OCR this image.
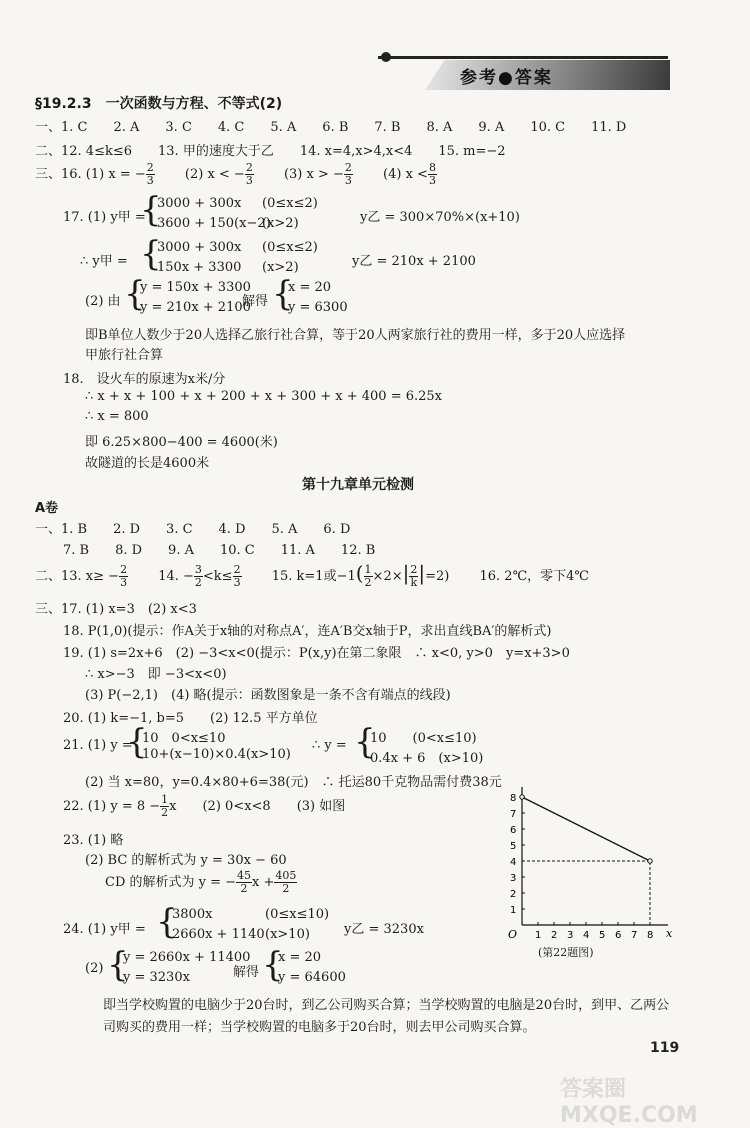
参考●答案
§19.2.3　一次函数与方程、不等式(2)
一、1. C　　2. A　　3. C　　4. C　　5. A　　6. B　　7. B　　8. A　　9. A　　10. C　　11. D
二、12. 4≤k≤6　　13. 甲的速度大于乙　　14. x=4,x>4,x<4　　15. m=−2
三、16. (1) x = − $\frac{2}{3}$
　　 (2) x < − $\frac{2}{3}$
　　 (3) x > − $\frac{2}{3}$
　　 (4) $x < \frac{8}{3}$
17. (1) y甲 =
{
3000 + 300x (0≤x≤2)
3600 + 150(x−2)
(x>2)	y乙 = 300×70%×(x+10)
∴ y甲 = {
3000 + 300x (0≤x≤2)
150x + 3300 (x>2)	y乙 = 210x + 2100
(2) 由 {
y = 150x + 3300
y = 210x + 2100
解得 {
x = 20
y = 6300
即B单位人数少于20人选择乙旅行社合算，等于20人两家旅行社的费用一样，多于20人应选择
甲旅行社合算
18.　设火车的原速为x米/分
∴ x + x + 100 + x + 200 + x + 300 + x + 400 = 6.25x
∴ x = 800
即 6.25×800−400 = 4600(米)
故隧道的长是4600米
第十九章单元检测
A卷
一、1. B　　2. D　　3. C　　4. D　　5. A　　6. D
7. B　　8. D　　9. A　　10. C　　11. A　　12. B
二、13. $x\ge - \frac{2}{3}$
　　 14. − $\frac{3}{2} <k\le \frac{2}{3}$
　　 15. k=1或$-1( \frac{1}{2} \times 2\times| \frac{2}{k} |=2)$ 　　 16. 2℃，零下4℃
三、17. (1) x=3　(2) x<3
18. P(1,0)(提示：作A关于x轴的对称点A′，连A′B交x轴于P，求出直线BA′的解析式)
19. (1) s=2x+6　(2) −3<x<0(提示：P(x,y)在第二象限　∴ x<0, y>0　y=x+3>0
∴ x>−3　即 −3<x<0)
(3) P(−2,1)　(4) 略(提示：函数图象是一条不含有端点的线段)
20. (1) k=−1, b=5　　(2) 12.5 平方单位
21. (1) y =
{
10　0<x≤10
10+(x−10)×0.4(x>10)
∴ y = {
10　　(0<x≤10)
0.4x + 6　(x>10)
(2) 当 x=80，y=0.4×80+6=38(元)　∴ 托运80千克物品需付费38元
22. (1) $y = 8 - \frac{1}{2}$ x　　(2) 0<x<8　　(3) 如图
23. (1) 略
(2) BC 的解析式为 y = 30x − 60
CD 的解析式为 y = − $\frac{45}{2}$ $x + \frac{405}{2}$
24. (1) y甲 = {
3800x	(0≤x≤10)
2660x + 1140 (x>10)	y乙 = 3230x
(2) {
y = 2660x + 11400
y = 3230x	解得 {
x = 20
y = 64600
即当学校购置的电脑少于20台时，到乙公司购买合算；当学校购置的电脑是20台时，到甲、乙两公
司购买的费用一样；当学校购置的电脑多于20台时，则去甲公司购买合算。
O	x
1 2 3 4 5 6 7 8
1
2
3
4
5
6
7
8
(第22题图)
119
答案圈 MXQE.COM
